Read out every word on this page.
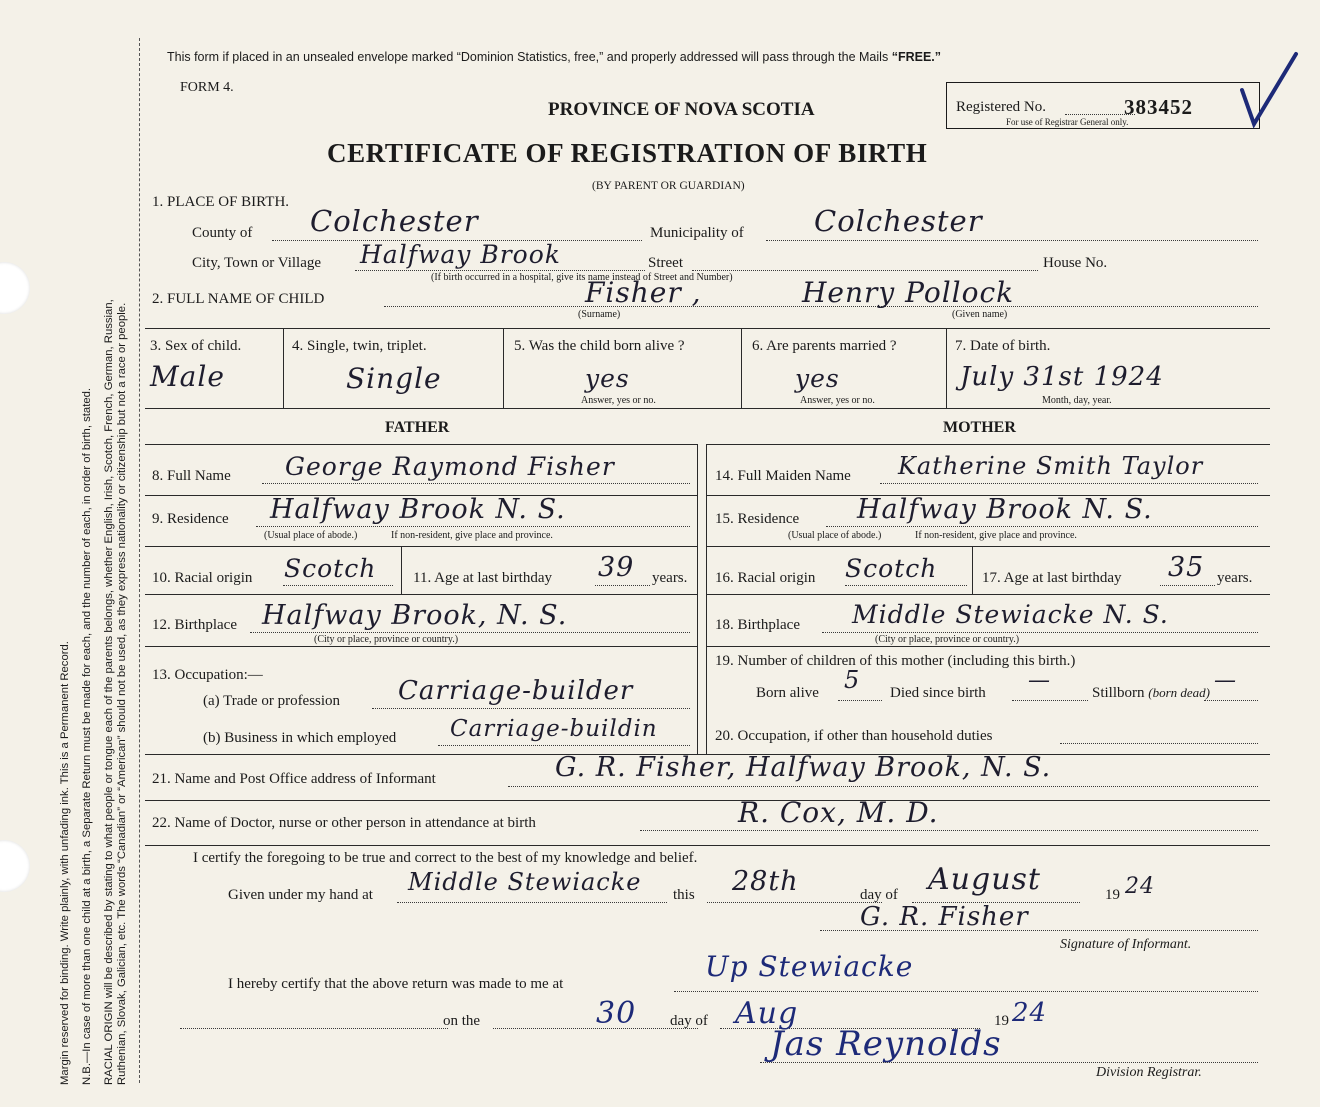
Margin reserved for binding. Write plainly, with unfading ink. This is a Permanent Record. N.B.—In case of more than one child at a birth, a Separate Return must be made for each, and the number of each, in order of birth, stated. RACIAL ORIGIN will be described by stating to what people or tongue each of the parents belongs, whether English, Irish, Scotch, French, German, Russian, Ruthenian, Slovak, Galician, etc. The words “Canadian” or “American” should not be used, as they express nationality or citizenship but not a race or people.
This form if placed in an unsealed envelope marked “Dominion Statistics, free,” and properly addressed will pass through the Mails “FREE.”
FORM 4.
PROVINCE OF NOVA SCOTIA	Registered No.	383452
For use of Registrar General only.
CERTIFICATE OF REGISTRATION OF BIRTH
(BY PARENT OR GUARDIAN)
1. PLACE OF BIRTH.
County of Colchester	Municipality of Colchester
City, Town or Village Halfway Brook	Street	House No.
(If birth occurred in a hospital, give its name instead of Street and Number)
2. FULL NAME OF CHILD	Fisher ,	Henry Pollock
(Surname)	(Given name)
3. Sex of child.
Male
4. Single, twin, triplet.
Single
5. Was the child born alive ?
yes
Answer, yes or no.
6. Are parents married ?
yes
Answer, yes or no.
7. Date of birth.
July 31st 1924
Month, day, year.
FATHER	MOTHER
8. Full Name George Raymond Fisher
9. Residence Halfway Brook N. S.
(Usual place of abode.)	If non-resident, give place and province.
10. Racial origin Scotch 11. Age at last birthday 39 years.
12. Birthplace Halfway Brook, N. S.
(City or place, province or country.)
13. Occupation:—
(a) Trade or profession Carriage-builder
(b) Business in which employed Carriage-buildin
14. Full Maiden Name Katherine Smith Taylor
15. Residence Halfway Brook N. S.
(Usual place of abode.)	If non-resident, give place and province.
16. Racial origin Scotch	17. Age at last birthday 35 years.
18. Birthplace Middle Stewiacke N. S.
(City or place, province or country.)
19. Number of children of this mother (including this birth.)
Born alive 5 Died since birth —	Stillborn (born dead) —
20. Occupation, if other than household duties
21. Name and Post Office address of Informant	G. R. Fisher, Halfway Brook, N. S.
22. Name of Doctor, nurse or other person in attendance at birth	R. Cox, M. D.
I certify the foregoing to be true and correct to the best of my knowledge and belief.
Given under my hand at Middle Stewiacke this 28th	day of August	19 24
G. R. Fisher
Signature of Informant.
I hereby certify that the above return was made to me at
Up Stewiacke
on the	30 day of Aug	19 24
Jas Reynolds
Division Registrar.
